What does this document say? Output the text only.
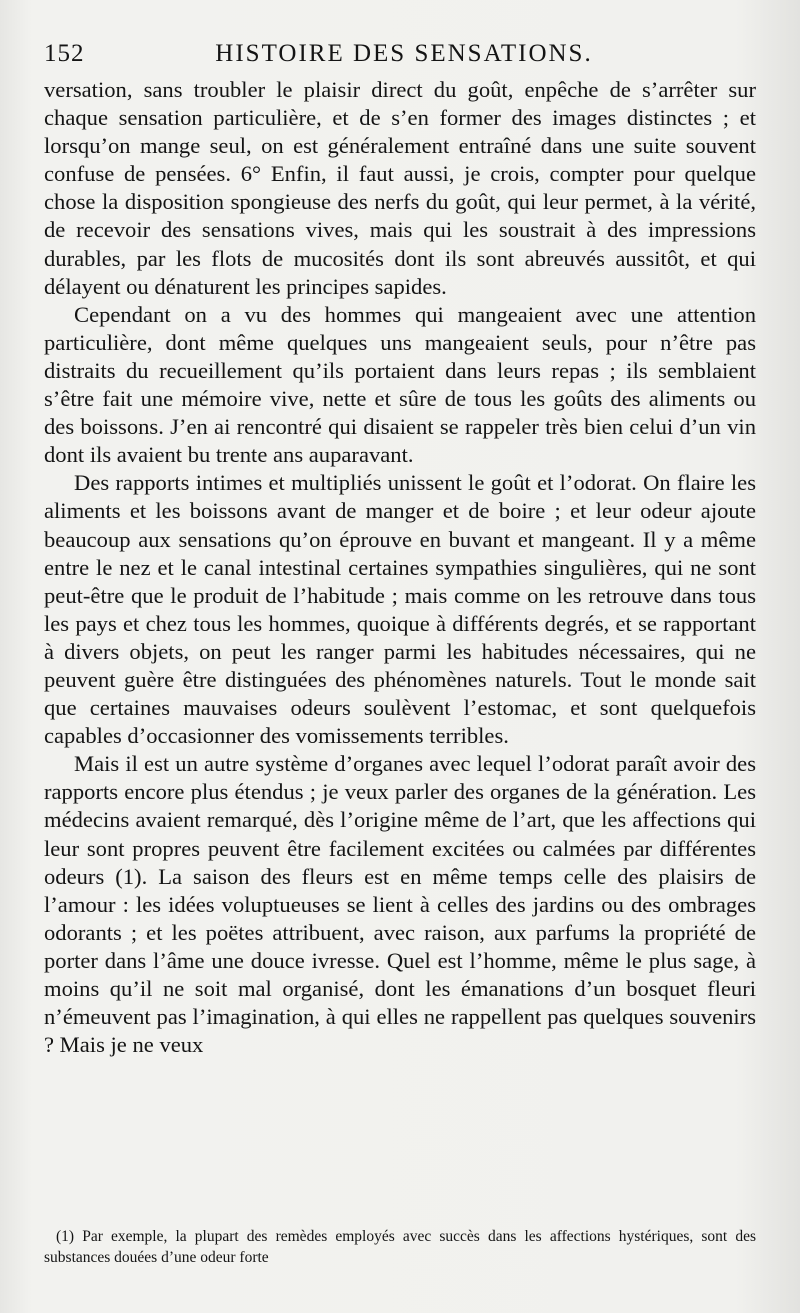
152	HISTOIRE DES SENSATIONS.

versation, sans troubler le plaisir direct du goût, enpêche de s’arrêter sur chaque sensation particulière, et de s’en former des images distinctes ; et lorsqu’on mange seul, on est généralement entraîné dans une suite souvent confuse de pensées. 6° Enfin, il faut aussi, je crois, compter pour quelque chose la disposition spongieuse des nerfs du goût, qui leur permet, à la vérité, de recevoir des sensations vives, mais qui les soustrait à des impressions durables, par les flots de mucosités dont ils sont abreuvés aussitôt, et qui délayent ou dénaturent les principes sapides.

Cependant on a vu des hommes qui mangeaient avec une attention particulière, dont même quelques uns mangeaient seuls, pour n’être pas distraits du recueillement qu’ils portaient dans leurs repas ; ils semblaient s’être fait une mémoire vive, nette et sûre de tous les goûts des aliments ou des boissons. J’en ai rencontré qui disaient se rappeler très bien celui d’un vin dont ils avaient bu trente ans auparavant.

Des rapports intimes et multipliés unissent le goût et l’odorat. On flaire les aliments et les boissons avant de manger et de boire ; et leur odeur ajoute beaucoup aux sensations qu’on éprouve en buvant et mangeant. Il y a même entre le nez et le canal intestinal certaines sympathies singulières, qui ne sont peut-être que le produit de l’habitude ; mais comme on les retrouve dans tous les pays et chez tous les hommes, quoique à différents degrés, et se rapportant à divers objets, on peut les ranger parmi les habitudes nécessaires, qui ne peuvent guère être distinguées des phénomènes naturels. Tout le monde sait que certaines mauvaises odeurs soulèvent l’estomac, et sont quelquefois capables d’occasionner des vomissements terribles.

Mais il est un autre système d’organes avec lequel l’odorat paraît avoir des rapports encore plus étendus ; je veux parler des organes de la génération. Les médecins avaient remarqué, dès l’origine même de l’art, que les affections qui leur sont propres peuvent être facilement excitées ou calmées par différentes odeurs (1). La saison des fleurs est en même temps celle des plaisirs de l’amour : les idées voluptueuses se lient à celles des jardins ou des ombrages odorants ; et les poëtes attribuent, avec raison, aux parfums la propriété de porter dans l’âme une douce ivresse. Quel est l’homme, même le plus sage, à moins qu’il ne soit mal organisé, dont les émanations d’un bosquet fleuri n’émeuvent pas l’imagination, à qui elles ne rappellent pas quelques souvenirs ? Mais je ne veux

(1) Par exemple, la plupart des remèdes employés avec succès dans les affections hystériques, sont des substances douées d’une odeur forte
